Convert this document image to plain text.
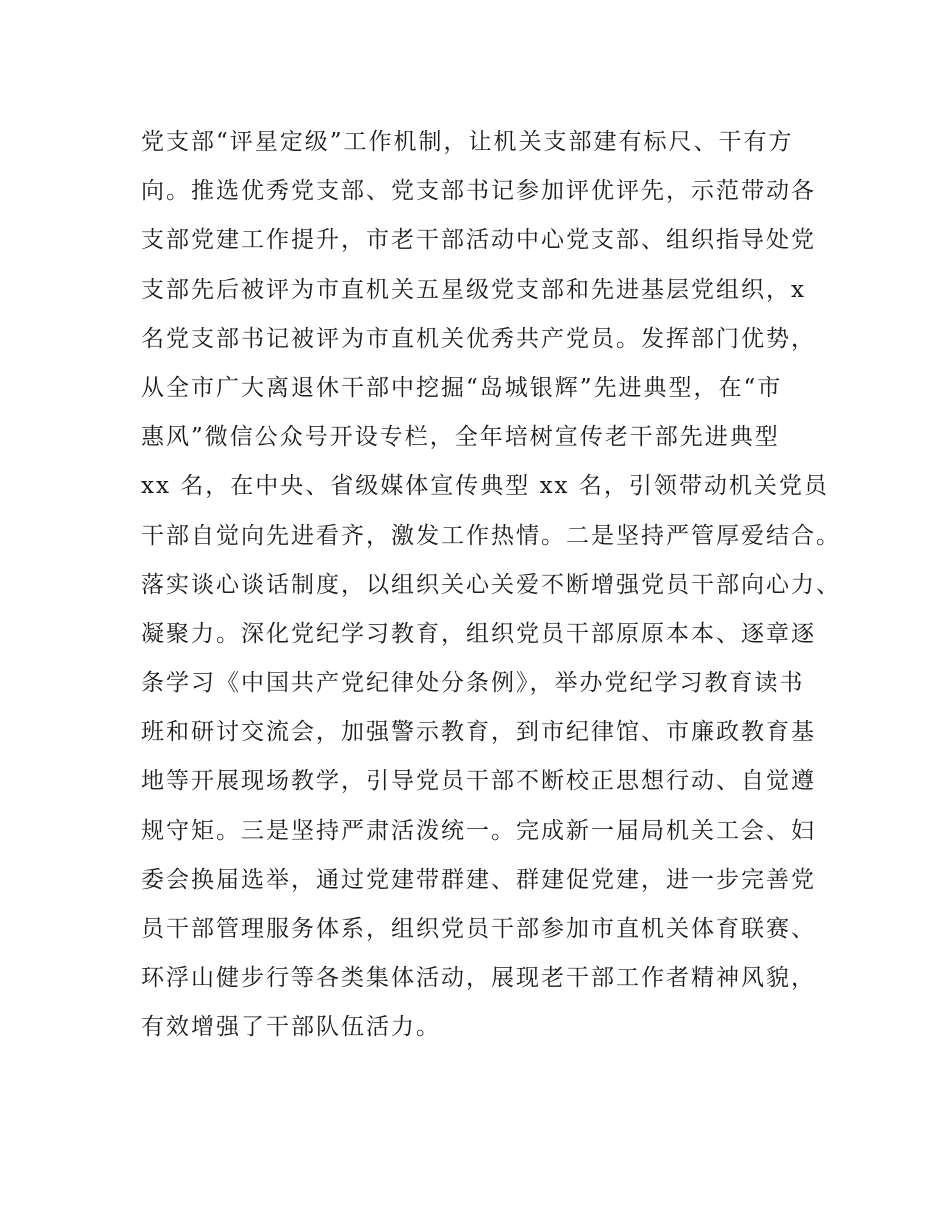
党支部“评星定级”工作机制，让机关支部建有标尺、干有方
向。推选优秀党支部、党支部书记参加评优评先，示范带动各
支部党建工作提升，市老干部活动中心党支部、组织指导处党
支部先后被评为市直机关五星级党支部和先进基层党组织，x
名党支部书记被评为市直机关优秀共产党员。发挥部门优势，
从全市广大离退休干部中挖掘“岛城银辉”先进典型，在“市
惠风”微信公众号开设专栏，全年培树宣传老干部先进典型
xx 名，在中央、省级媒体宣传典型 xx 名，引领带动机关党员
干部自觉向先进看齐，激发工作热情。二是坚持严管厚爱结合。
落实谈心谈话制度，以组织关心关爱不断增强党员干部向心力、
凝聚力。深化党纪学习教育，组织党员干部原原本本、逐章逐
条学习《中国共产党纪律处分条例》，举办党纪学习教育读书
班和研讨交流会，加强警示教育，到市纪律馆、市廉政教育基
地等开展现场教学，引导党员干部不断校正思想行动、自觉遵
规守矩。三是坚持严肃活泼统一。完成新一届局机关工会、妇
委会换届选举，通过党建带群建、群建促党建，进一步完善党
员干部管理服务体系，组织党员干部参加市直机关体育联赛、
环浮山健步行等各类集体活动，展现老干部工作者精神风貌，
有效增强了干部队伍活力。
